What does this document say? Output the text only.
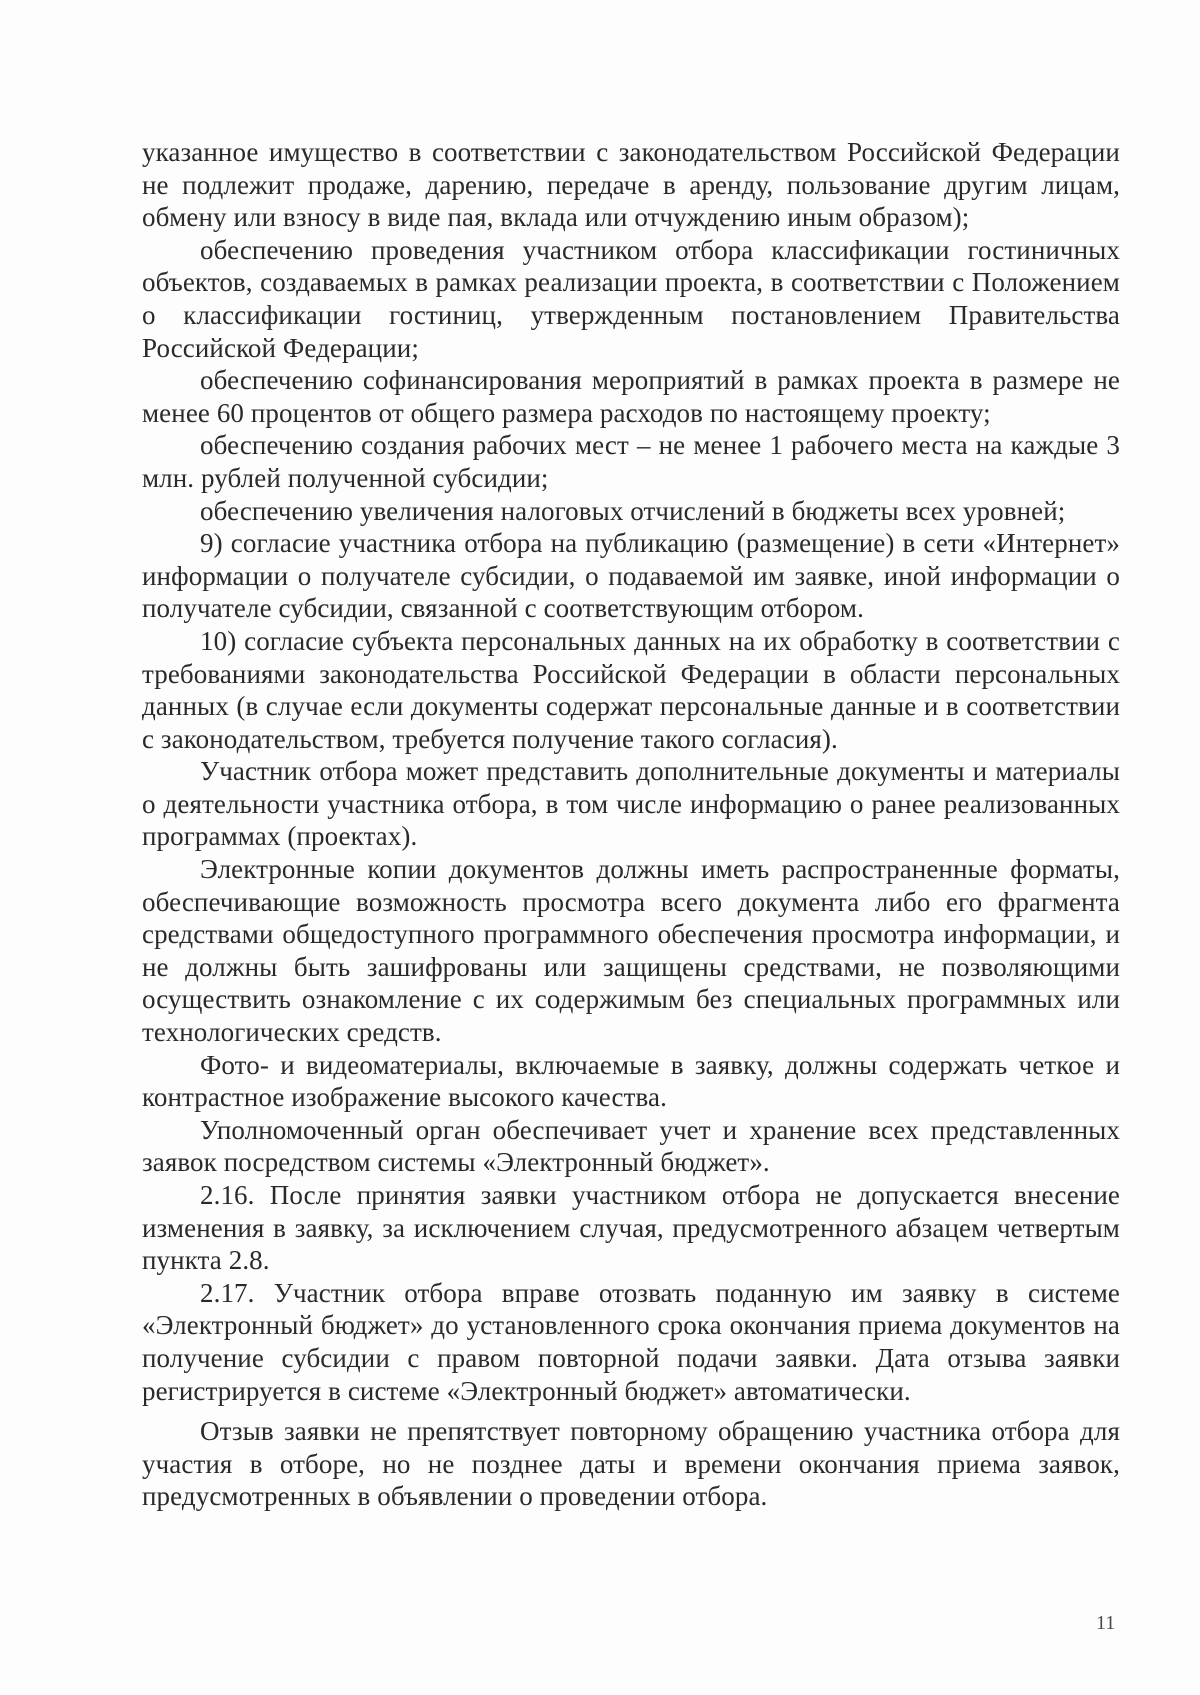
указанное имущество в соответствии с законодательством Российской Федерации не подлежит продаже, дарению, передаче в аренду, пользование другим лицам, обмену или взносу в виде пая, вклада или отчуждению иным образом);

обеспечению проведения участником отбора классификации гостиничных объектов, создаваемых в рамках реализации проекта, в соответствии с Положением о классификации гостиниц, утвержденным постановлением Правительства Российской Федерации;

обеспечению софинансирования мероприятий в рамках проекта в размере не менее 60 процентов от общего размера расходов по настоящему проекту;

обеспечению создания рабочих мест – не менее 1 рабочего места на каждые 3 млн. рублей полученной субсидии;

обеспечению увеличения налоговых отчислений в бюджеты всех уровней;

9) согласие участника отбора на публикацию (размещение) в сети «Интернет» информации о получателе субсидии, о подаваемой им заявке, иной информации о получателе субсидии, связанной с соответствующим отбором.

10) согласие субъекта персональных данных на их обработку в соответствии с требованиями законодательства Российской Федерации в области персональных данных (в случае если документы содержат персональные данные и в соответствии с законодательством, требуется получение такого согласия).

Участник отбора может представить дополнительные документы и материалы о деятельности участника отбора, в том числе информацию о ранее реализованных программах (проектах).

Электронные копии документов должны иметь распространенные форматы, обеспечивающие возможность просмотра всего документа либо его фрагмента средствами общедоступного программного обеспечения просмотра информации, и не должны быть зашифрованы или защищены средствами, не позволяющими осуществить ознакомление с их содержимым без специальных программных или технологических средств.

Фото- и видеоматериалы, включаемые в заявку, должны содержать четкое и контрастное изображение высокого качества.

Уполномоченный орган обеспечивает учет и хранение всех представленных заявок посредством системы «Электронный бюджет».

2.16. После принятия заявки участником отбора не допускается внесение изменения в заявку, за исключением случая, предусмотренного абзацем четвертым пункта 2.8.

2.17. Участник отбора вправе отозвать поданную им заявку в системе «Электронный бюджет» до установленного срока окончания приема документов на получение субсидии с правом повторной подачи заявки. Дата отзыва заявки регистрируется в системе «Электронный бюджет» автоматически.

Отзыв заявки не препятствует повторному обращению участника отбора для участия в отборе, но не позднее даты и времени окончания приема заявок, предусмотренных в объявлении о проведении отбора.

11
